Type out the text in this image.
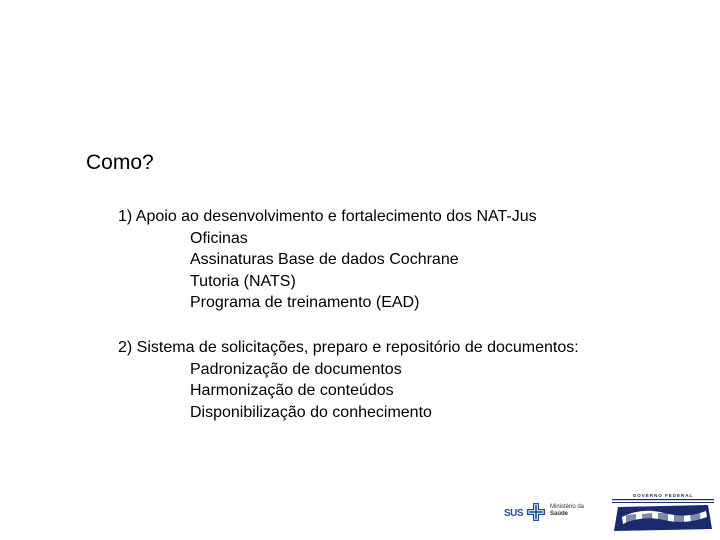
Como?
1) Apoio ao desenvolvimento e fortalecimento dos NAT-Jus
Oficinas
Assinaturas Base de dados Cochrane
Tutoria (NATS)
Programa de treinamento (EAD)
2) Sistema de solicitações, preparo e repositório de documentos:
Padronização de documentos
Harmonização de conteúdos
Disponibilização do conhecimento
SUS
Ministério da
Saúde
GOVERNO FEDERAL
